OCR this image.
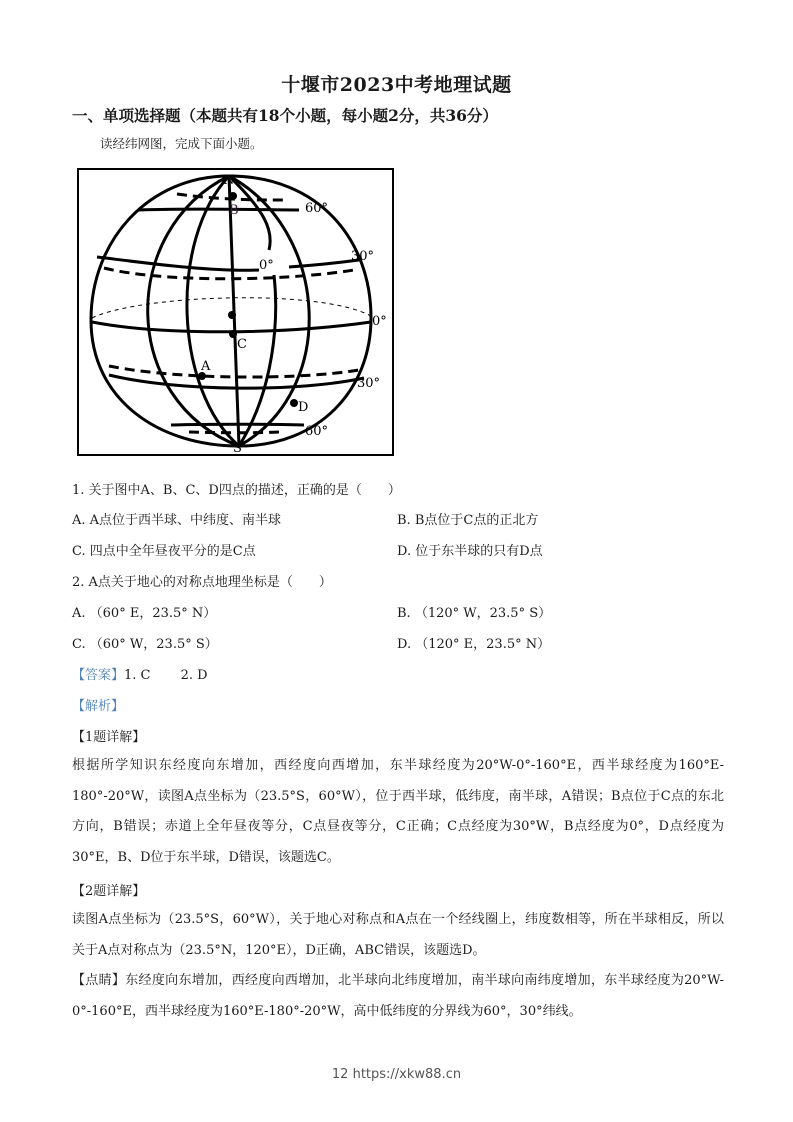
十堰市2023中考地理试题
一、单项选择题（本题共有18个小题，每小题2分，共36分）
读经纬网图，完成下面小题。
N
B	60°
0°
30°
0°
C
A
30°
D
60°
S
1. 关于图中A、B、C、D四点的描述，正确的是（　　）
A. A点位于西半球、中纬度、南半球	B. B点位于C点的正北方
C. 四点中全年昼夜平分的是C点	D. 位于东半球的只有D点
2. A点关于地心的对称点地理坐标是（　　）
A. （60° E，23.5° N）	B. （120° W，23.5° S）
C. （60° W，23.5° S）	D. （120° E，23.5° N）
【答案】1. C　　 2. D
【解析】
【1题详解】
根据所学知识东经度向东增加，西经度向西增加，东半球经度为20°W-0°-160°E，西半球经度为160°E-180°-20°W，读图A点坐标为（23.5°S，60°W），位于西半球，低纬度，南半球，A错误；B点位于C点的东北方向，B错误；赤道上全年昼夜等分，C点昼夜等分，C正确；C点经度为30°W，B点经度为0°，D点经度为30°E，B、D位于东半球，D错误，该题选C。
【2题详解】
读图A点坐标为（23.5°S，60°W），关于地心对称点和A点在一个经线圈上，纬度数相等，所在半球相反，所以关于A点对称点为（23.5°N，120°E），D正确，ABC错误，该题选D。
【点睛】东经度向东增加，西经度向西增加，北半球向北纬度增加，南半球向南纬度增加，东半球经度为20°W-0°-160°E，西半球经度为160°E-180°-20°W，高中低纬度的分界线为60°，30°纬线。
12 https://xkw88.cn
